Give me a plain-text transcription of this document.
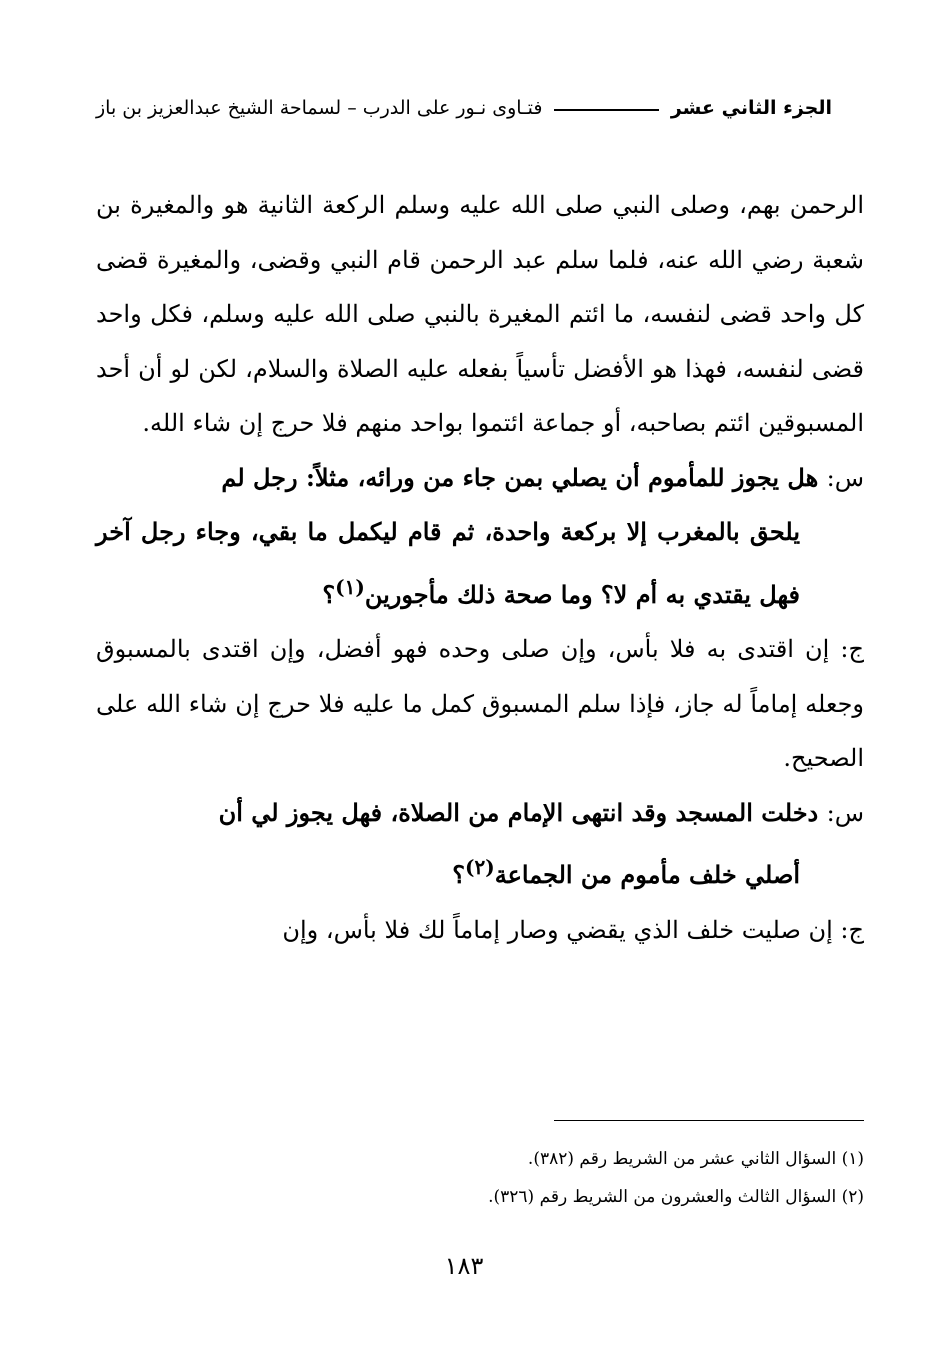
الجزء الثاني عشر
فتـاوى نـور على الدرب – لسماحة الشيخ عبدالعزيز بن باز

الرحمن بهم، وصلى النبي صلى الله عليه وسلم الركعة الثانية هو والمغيرة بن شعبة رضي الله عنه، فلما سلم عبد الرحمن قام النبي وقضى، والمغيرة قضى كل واحد قضى لنفسه، ما ائتم المغيرة بالنبي صلى الله عليه وسلم، فكل واحد قضى لنفسه، فهذا هو الأفضل تأسياً بفعله عليه الصلاة والسلام، لكن لو أن أحد المسبوقين ائتم بصاحبه، أو جماعة ائتموا بواحد منهم فلا حرج إن شاء الله.

س: هل يجوز للمأموم أن يصلي بمن جاء من ورائه، مثلاً: رجل لم
يلحق بالمغرب إلا بركعة واحدة، ثم قام ليكمل ما بقي، وجاء رجل آخر فهل يقتدي به أم لا؟ وما صحة ذلك مأجورين$^{(١)}$؟

ج: إن اقتدى به فلا بأس، وإن صلى وحده فهو أفضل، وإن اقتدى بالمسبوق وجعله إماماً له جاز، فإذا سلم المسبوق كمل ما عليه فلا حرج إن شاء الله على الصحيح.

س: دخلت المسجد وقد انتهى الإمام من الصلاة، فهل يجوز لي أن
أصلي خلف مأموم من الجماعة$^{(٢)}$؟

ج: إن صليت خلف الذي يقضي وصار إماماً لك فلا بأس، وإن

(١) السؤال الثاني عشر من الشريط رقم (٣٨٢).
(٢) السؤال الثالث والعشرون من الشريط رقم (٣٢٦).
١٨٣
